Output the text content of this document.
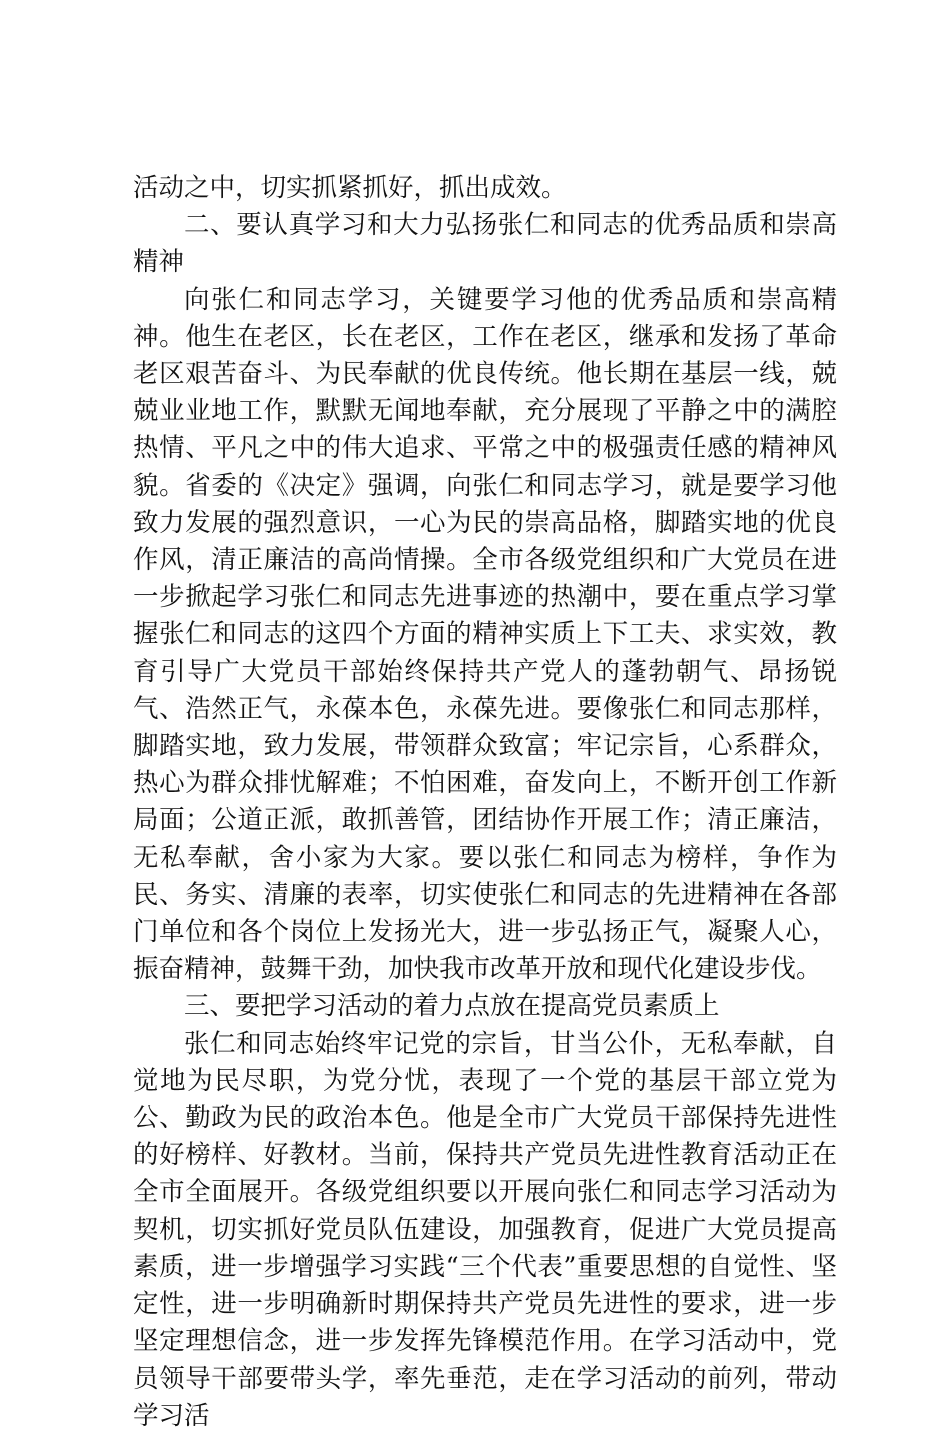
活动之中，切实抓紧抓好，抓出成效。

二、要认真学习和大力弘扬张仁和同志的优秀品质和崇高精神

向张仁和同志学习，关键要学习他的优秀品质和崇高精神。他生在老区，长在老区，工作在老区，继承和发扬了革命老区艰苦奋斗、为民奉献的优良传统。他长期在基层一线，兢兢业业地工作，默默无闻地奉献，充分展现了平静之中的满腔热情、平凡之中的伟大追求、平常之中的极强责任感的精神风貌。省委的《决定》强调，向张仁和同志学习，就是要学习他致力发展的强烈意识，一心为民的崇高品格，脚踏实地的优良作风，清正廉洁的高尚情操。全市各级党组织和广大党员在进一步掀起学习张仁和同志先进事迹的热潮中，要在重点学习掌握张仁和同志的这四个方面的精神实质上下工夫、求实效，教育引导广大党员干部始终保持共产党人的蓬勃朝气、昂扬锐气、浩然正气，永葆本色，永葆先进。要像张仁和同志那样，脚踏实地，致力发展，带领群众致富；牢记宗旨，心系群众，热心为群众排忧解难；不怕困难，奋发向上，不断开创工作新局面；公道正派，敢抓善管，团结协作开展工作；清正廉洁，无私奉献，舍小家为大家。要以张仁和同志为榜样，争作为民、务实、清廉的表率，切实使张仁和同志的先进精神在各部门单位和各个岗位上发扬光大，进一步弘扬正气，凝聚人心，振奋精神，鼓舞干劲，加快我市改革开放和现代化建设步伐。

三、要把学习活动的着力点放在提高党员素质上

张仁和同志始终牢记党的宗旨，甘当公仆，无私奉献，自觉地为民尽职，为党分忧，表现了一个党的基层干部立党为公、勤政为民的政治本色。他是全市广大党员干部保持先进性的好榜样、好教材。当前，保持共产党员先进性教育活动正在全市全面展开。各级党组织要以开展向张仁和同志学习活动为契机，切实抓好党员队伍建设，加强教育，促进广大党员提高素质，进一步增强学习实践“三个代表”重要思想的自觉性、坚定性，进一步明确新时期保持共产党员先进性的要求，进一步坚定理想信念，进一步发挥先锋模范作用。在学习活动中，党员领导干部要带头学，率先垂范，走在学习活动的前列，带动学习活
